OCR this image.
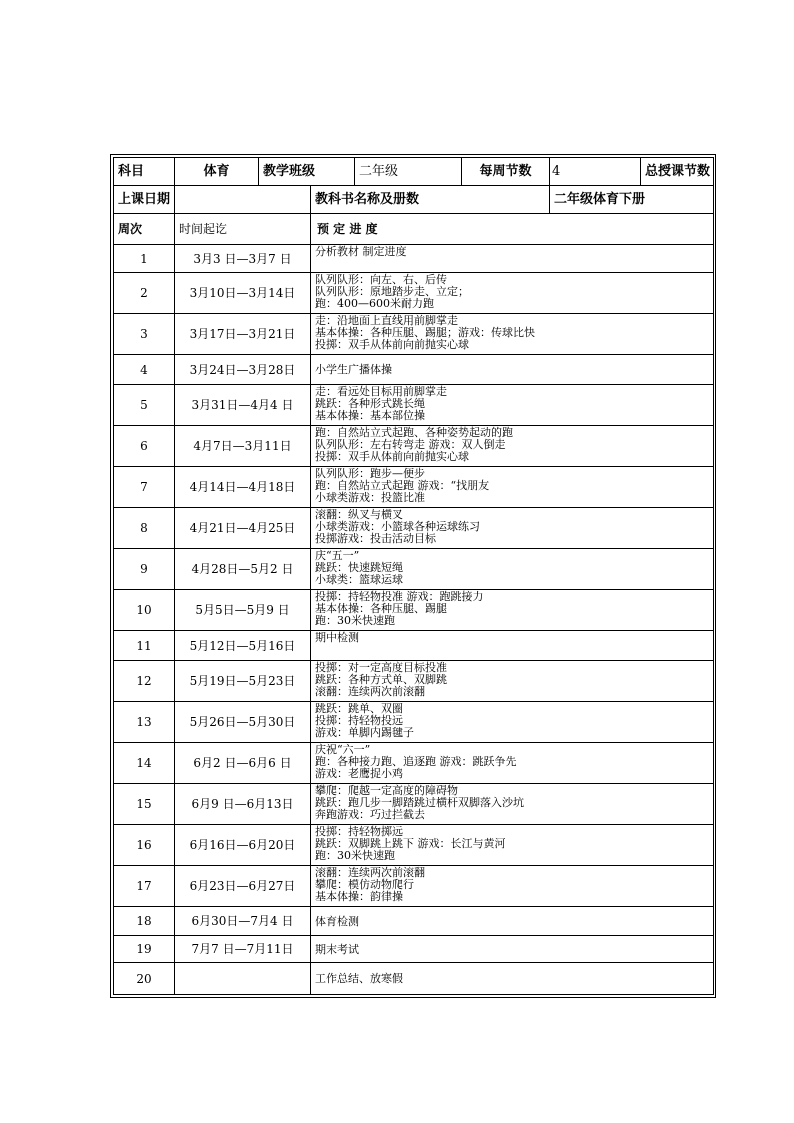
科目	体育	教学班级		二年级	每周节数	4	总授课节数
上课日期			教科书名称及册数			二年级体育下册	
周次	时间起讫		预 定 进 度				
1	3月3 日—3月7 日		分析教材 制定进度				

2	3月10日—3月14日		队列队形：向左、右、后传
队列队形：原地踏步走、立定；
跑：400—600米耐力跑				

3	3月17日—3月21日		走：沿地面上直线用前脚掌走
基本体操：各种压腿、踢腿；游戏：传球比快
投掷：双手从体前向前抛实心球				

4	3月24日—3月28日		小学生广播体操				

5	3月31日—4月4 日		走：看远处目标用前脚掌走
跳跃：各种形式跳长绳
基本体操：基本部位操				

6	4月7日—3月11日		跑：自然站立式起跑、各种姿势起动的跑
队列队形：左右转弯走 游戏：双人倒走
投掷：双手从体前向前抛实心球				

7	4月14日—4月18日		队列队形：跑步—便步
跑：自然站立式起跑 游戏：“找朋友
小球类游戏：投篮比准				

8	4月21日—4月25日		滚翻：纵叉与横叉
小球类游戏：小篮球各种运球练习
投掷游戏：投击活动目标				

9	4月28日—5月2 日		庆“五一”
跳跃：快速跳短绳
小球类：篮球运球				

10	5月5日—5月9 日		投掷：持轻物投准 游戏：跑跳接力
基本体操：各种压腿、踢腿
跑：30米快速跑				

11	5月12日—5月16日		期中检测				

12	5月19日—5月23日		投掷：对一定高度目标投准
跳跃：各种方式单、双脚跳
滚翻：连续两次前滚翻				

13	5月26日—5月30日		跳跃：跳单、双圈
投掷：持轻物投远
游戏：单脚内踢毽子				

14	6月2 日—6月6 日		庆祝“六一”
跑：各种接力跑、追逐跑 游戏：跳跃争先
游戏：老鹰捉小鸡				

15	6月9 日—6月13日		攀爬：爬越一定高度的障碍物
跳跃：跑几步一脚踏跳过横杆双脚落入沙坑
奔跑游戏：巧过拦截去				

16	6月16日—6月20日		投掷：持轻物掷远
跳跃：双脚跳上跳下 游戏：长江与黄河
跑：30米快速跑				

17	6月23日—6月27日		滚翻：连续两次前滚翻
攀爬：模仿动物爬行
基本体操：韵律操				

18	6月30日—7月4 日		体育检测				

19	7月7 日—7月11日		期末考试				

20			工作总结、放寒假				
